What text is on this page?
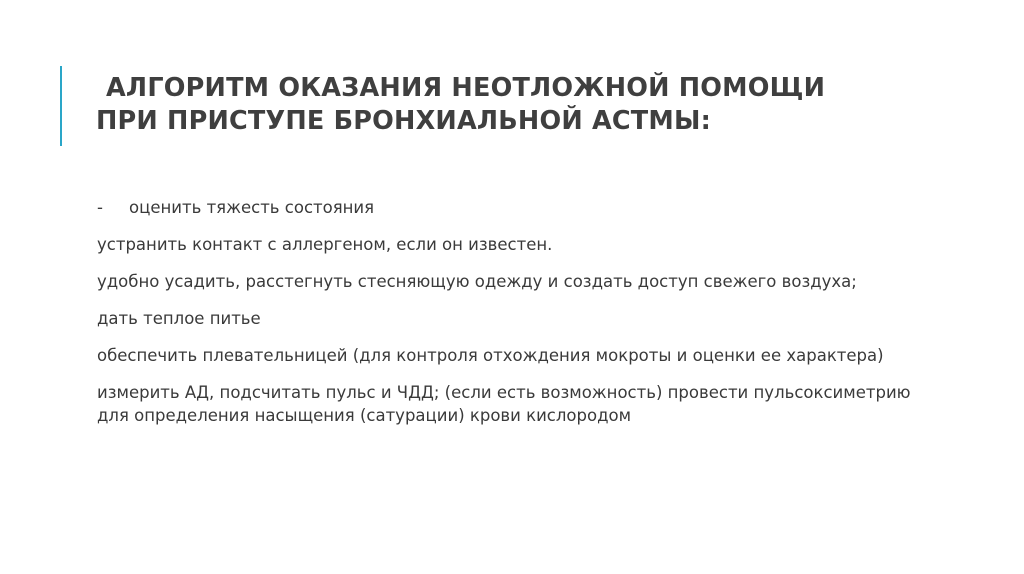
АЛГОРИТМ ОКАЗАНИЯ НЕОТЛОЖНОЙ ПОМОЩИ
ПРИ ПРИСТУПЕ БРОНХИАЛЬНОЙ АСТМЫ:

- оценить тяжесть состояния

устранить контакт с аллергеном, если он известен.

удобно усадить, расстегнуть стесняющую одежду и создать доступ свежего воздуха;

дать теплое питье

обеспечить плевательницей (для контроля отхождения мокроты и оценки ее характера)

измерить АД, подсчитать пульс и ЧДД; (если есть возможность) провести пульсоксиметрию для определения насыщения (сатурации) крови кислородом
